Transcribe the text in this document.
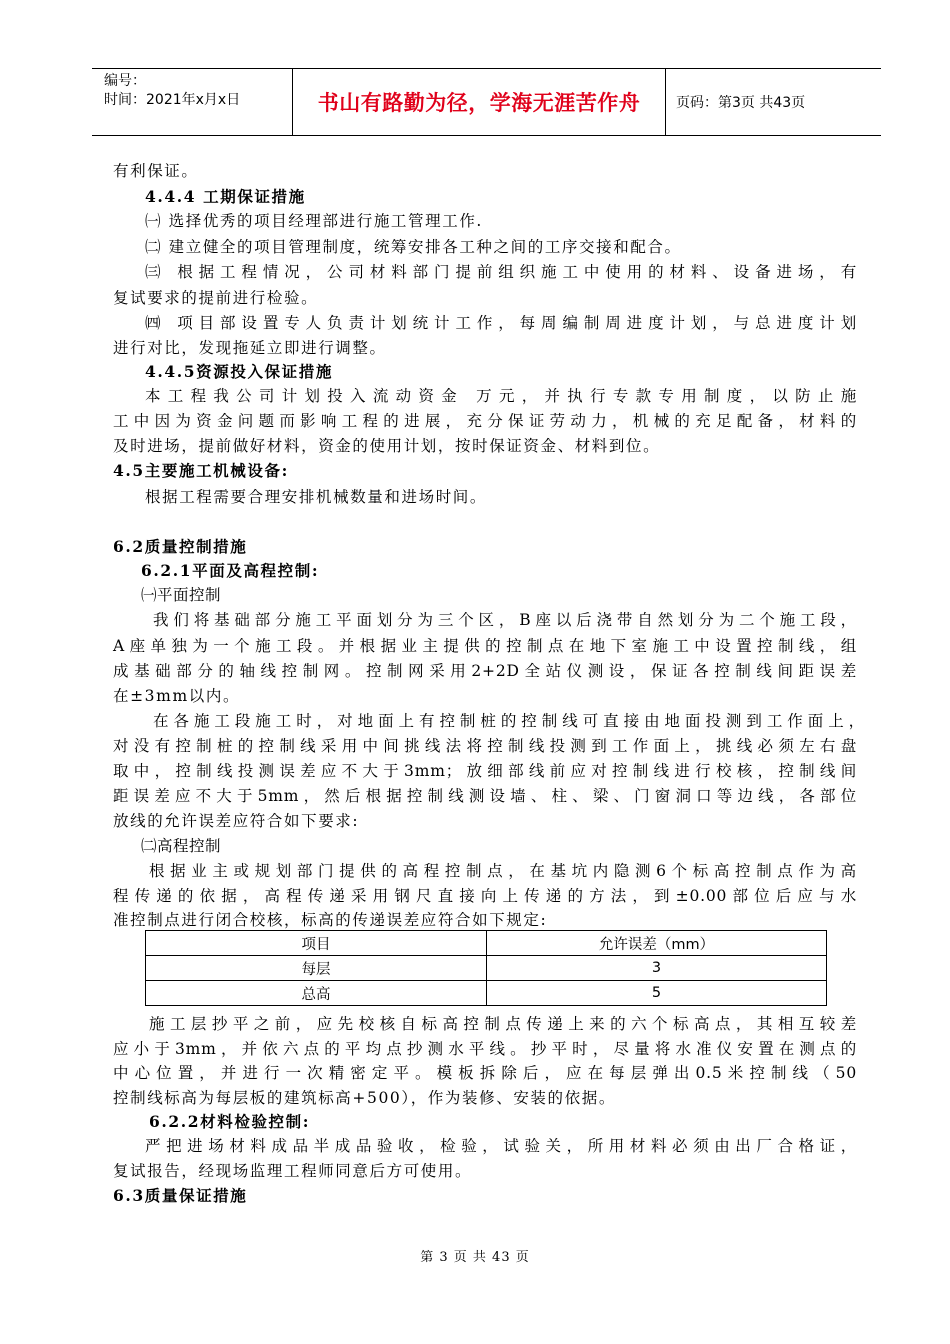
编号：
时间：2021年x月x日	书山有路勤为径，学海无涯苦作舟	页码：第3页 共43页
有利保证。
4.4.4 工期保证措施
㈠ 选择优秀的项目经理部进行施工管理工作.
㈡ 建立健全的项目管理制度，统筹安排各工种之间的工序交接和配合。
㈢ 根据工程情况，公司材料部门提前组织施工中使用的材料、设备进场，有
复试要求的提前进行检验。
㈣ 项目部设置专人负责计划统计工作，每周编制周进度计划，与总进度计划
进行对比，发现拖延立即进行调整。
4.4.5资源投入保证措施
本工程我公司计划投入流动资金 万元，并执行专款专用制度，以防止施
工中因为资金问题而影响工程的进展，充分保证劳动力，机械的充足配备，材料的
及时进场，提前做好材料，资金的使用计划，按时保证资金、材料到位。
4.5主要施工机械设备:
根据工程需要合理安排机械数量和进场时间。
6.2质量控制措施
6.2.1平面及高程控制:
㈠平面控制
我们将基础部分施工平面划分为三个区，B座以后浇带自然划分为二个施工段，
A座单独为一个施工段。并根据业主提供的控制点在地下室施工中设置控制线，组
成基础部分的轴线控制网。控制网采用2+2D全站仪测设，保证各控制线间距误差
在±3mm以内。
在各施工段施工时，对地面上有控制桩的控制线可直接由地面投测到工作面上，
对没有控制桩的控制线采用中间挑线法将控制线投测到工作面上，挑线必须左右盘
取中，控制线投测误差应不大于3mm；放细部线前应对控制线进行校核，控制线间
距误差应不大于5mm，然后根据控制线测设墙、柱、梁、门窗洞口等边线，各部位
放线的允许误差应符合如下要求:
㈡高程控制
根据业主或规划部门提供的高程控制点，在基坑内隐测6个标高控制点作为高
程传递的依据，高程传递采用钢尺直接向上传递的方法，到±0.00部位后应与水
准控制点进行闭合校核，标高的传递误差应符合如下规定:
项目	允许误差（mm）
每层	3
总高	5
施工层抄平之前，应先校核自标高控制点传递上来的六个标高点，其相互较差
应小于3mm，并依六点的平均点抄测水平线。抄平时，尽量将水准仪安置在测点的
中心位置，并进行一次精密定平。模板拆除后，应在每层弹出0.5米控制线（50
控制线标高为每层板的建筑标高+500），作为装修、安装的依据。
6.2.2材料检验控制:
严把进场材料成品半成品验收，检验，试验关，所用材料必须由出厂合格证，
复试报告，经现场监理工程师同意后方可使用。
6.3质量保证措施
第 3 页 共 43 页
